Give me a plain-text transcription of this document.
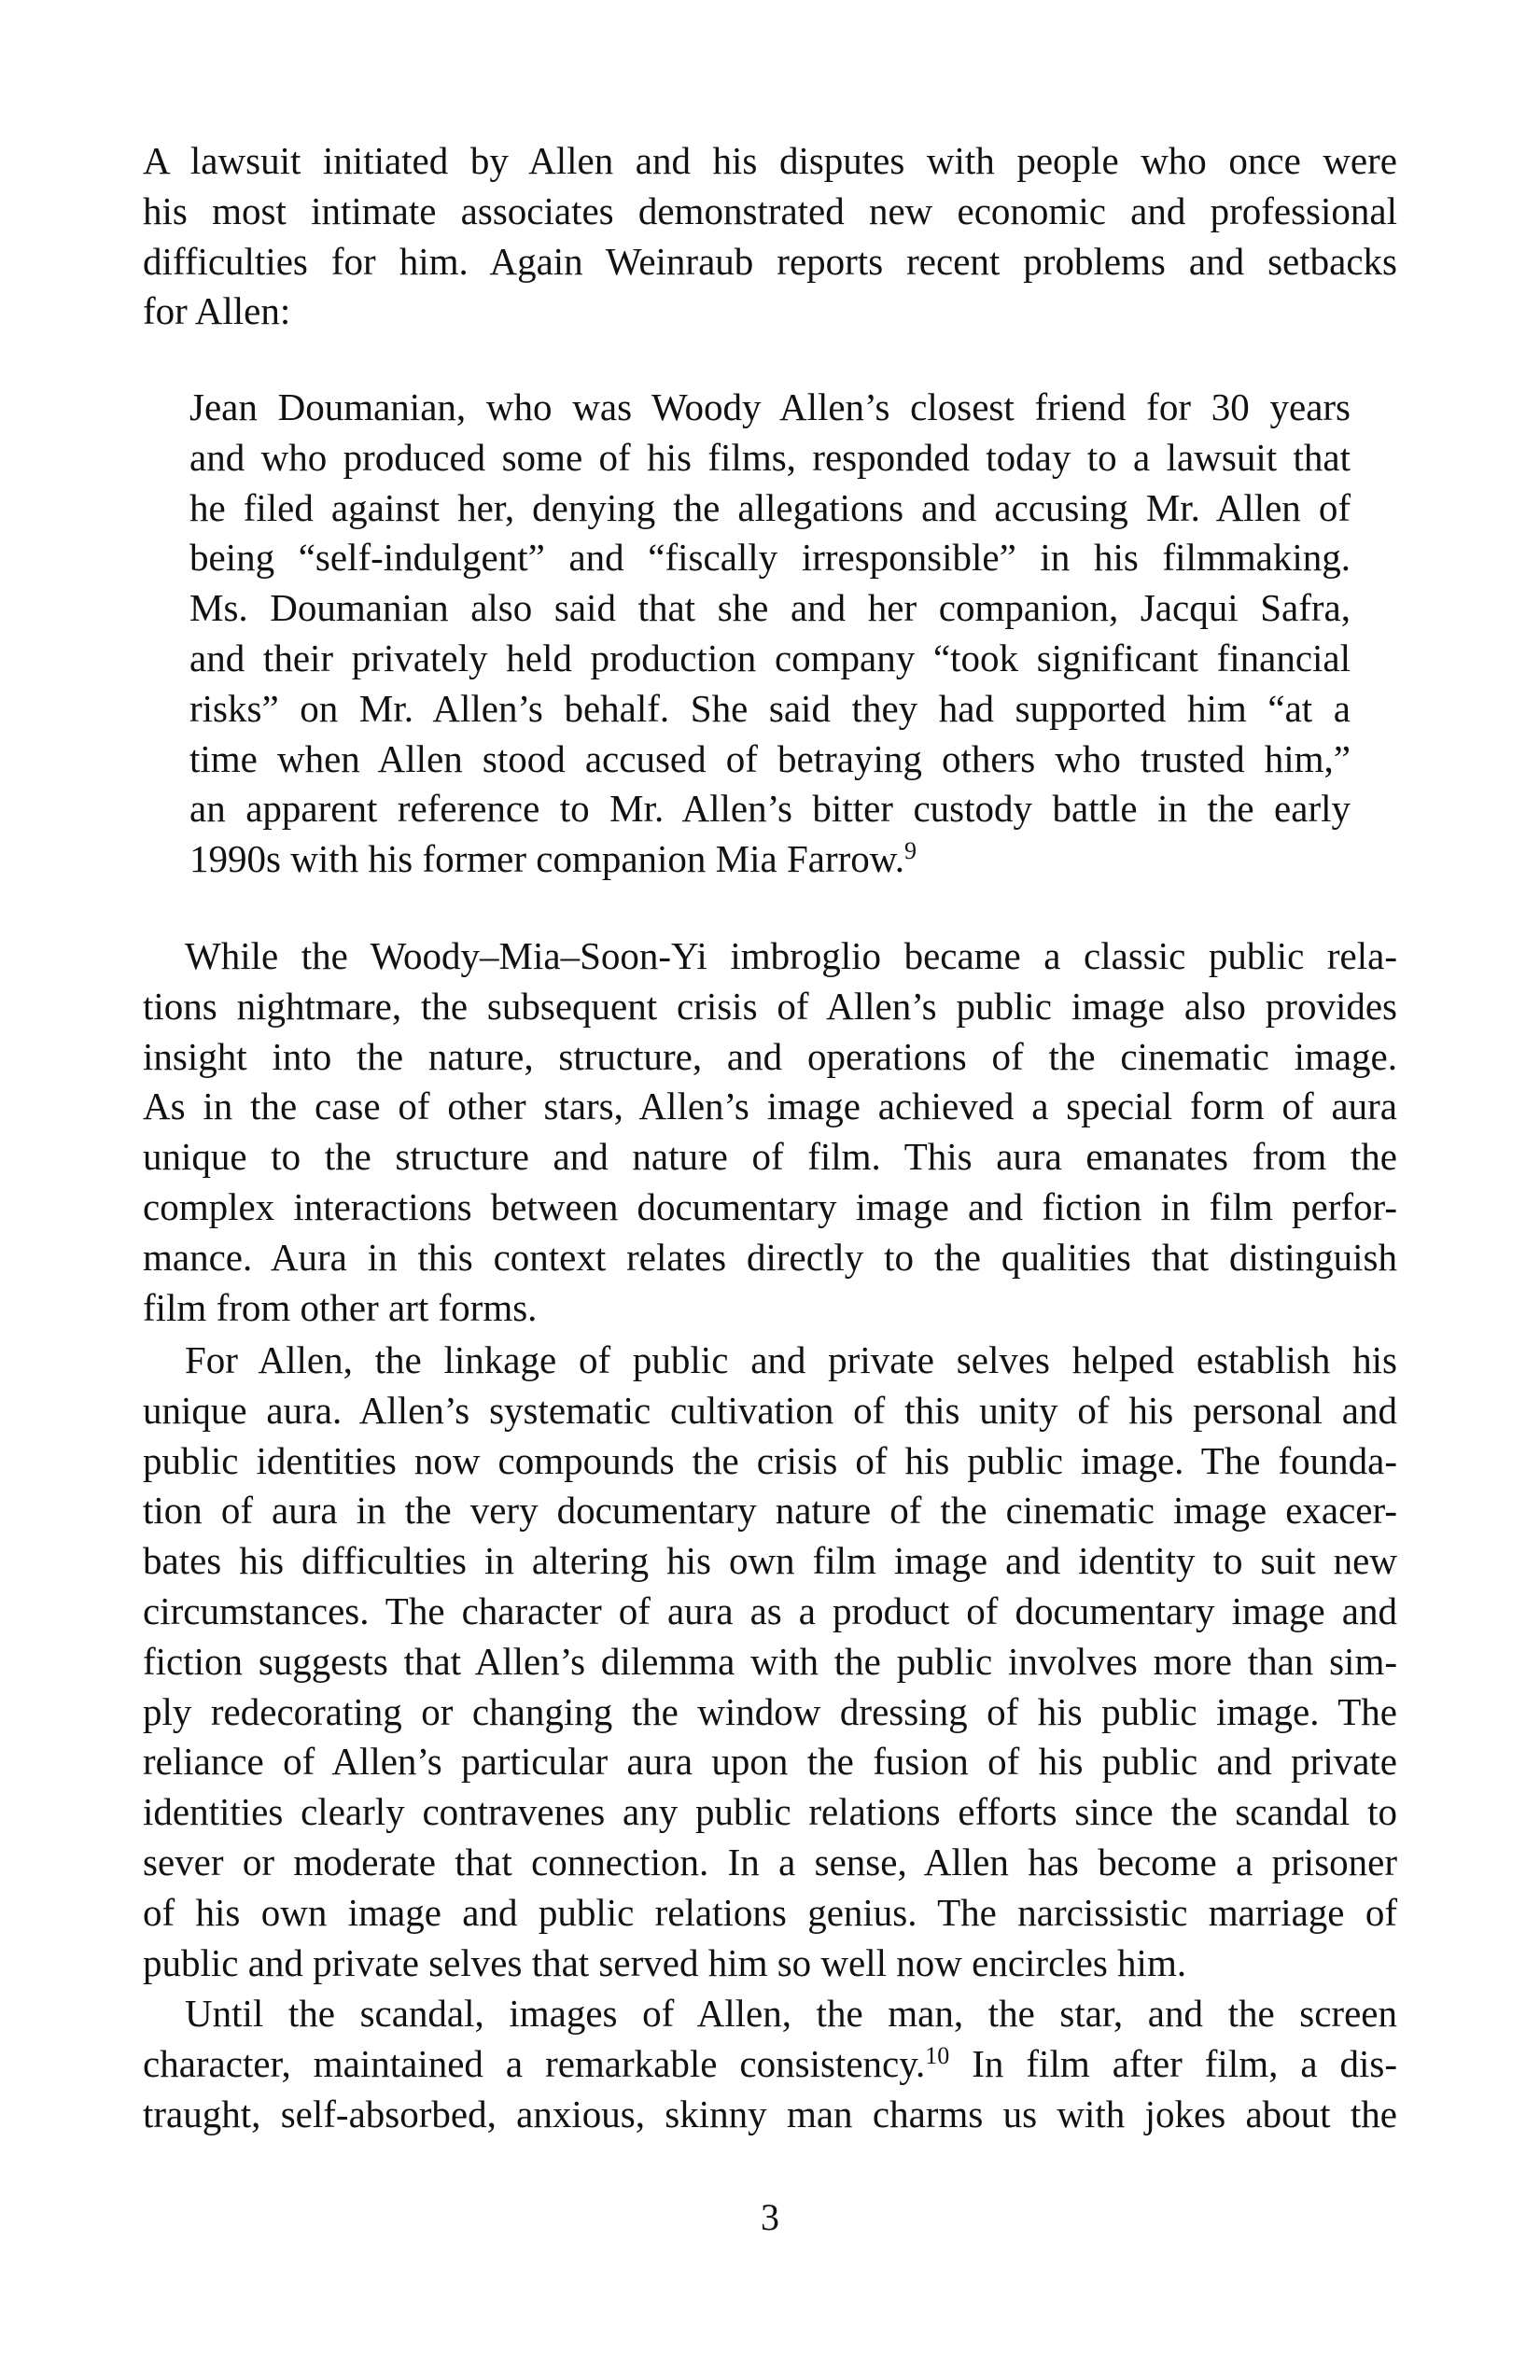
A lawsuit initiated by Allen and his disputes with people who once were
his most intimate associates demonstrated new economic and professional
difficulties for him. Again Weinraub reports recent problems and setbacks
for Allen:
Jean Doumanian, who was Woody Allen’s closest friend for 30 years
and who produced some of his films, responded today to a lawsuit that
he filed against her, denying the allegations and accusing Mr. Allen of
being “self-indulgent” and “fiscally irresponsible” in his filmmaking.
Ms. Doumanian also said that she and her companion, Jacqui Safra,
and their privately held production company “took significant financial
risks” on Mr. Allen’s behalf. She said they had supported him “at a
time when Allen stood accused of betraying others who trusted him,”
an apparent reference to Mr. Allen’s bitter custody battle in the early
1990s with his former companion Mia Farrow.$^9$
While the Woody–Mia–Soon-Yi imbroglio became a classic public rela-
tions nightmare, the subsequent crisis of Allen’s public image also provides
insight into the nature, structure, and operations of the cinematic image.
As in the case of other stars, Allen’s image achieved a special form of aura
unique to the structure and nature of film. This aura emanates from the
complex interactions between documentary image and fiction in film perfor-
mance. Aura in this context relates directly to the qualities that distinguish
film from other art forms.
For Allen, the linkage of public and private selves helped establish his
unique aura. Allen’s systematic cultivation of this unity of his personal and
public identities now compounds the crisis of his public image. The founda-
tion of aura in the very documentary nature of the cinematic image exacer-
bates his difficulties in altering his own film image and identity to suit new
circumstances. The character of aura as a product of documentary image and
fiction suggests that Allen’s dilemma with the public involves more than sim-
ply redecorating or changing the window dressing of his public image. The
reliance of Allen’s particular aura upon the fusion of his public and private
identities clearly contravenes any public relations efforts since the scandal to
sever or moderate that connection. In a sense, Allen has become a prisoner
of his own image and public relations genius. The narcissistic marriage of
public and private selves that served him so well now encircles him.
Until the scandal, images of Allen, the man, the star, and the screen
character, maintained a remarkable consistency.$^{10}$ In film after film, a dis-
traught, self-absorbed, anxious, skinny man charms us with jokes about the
3
